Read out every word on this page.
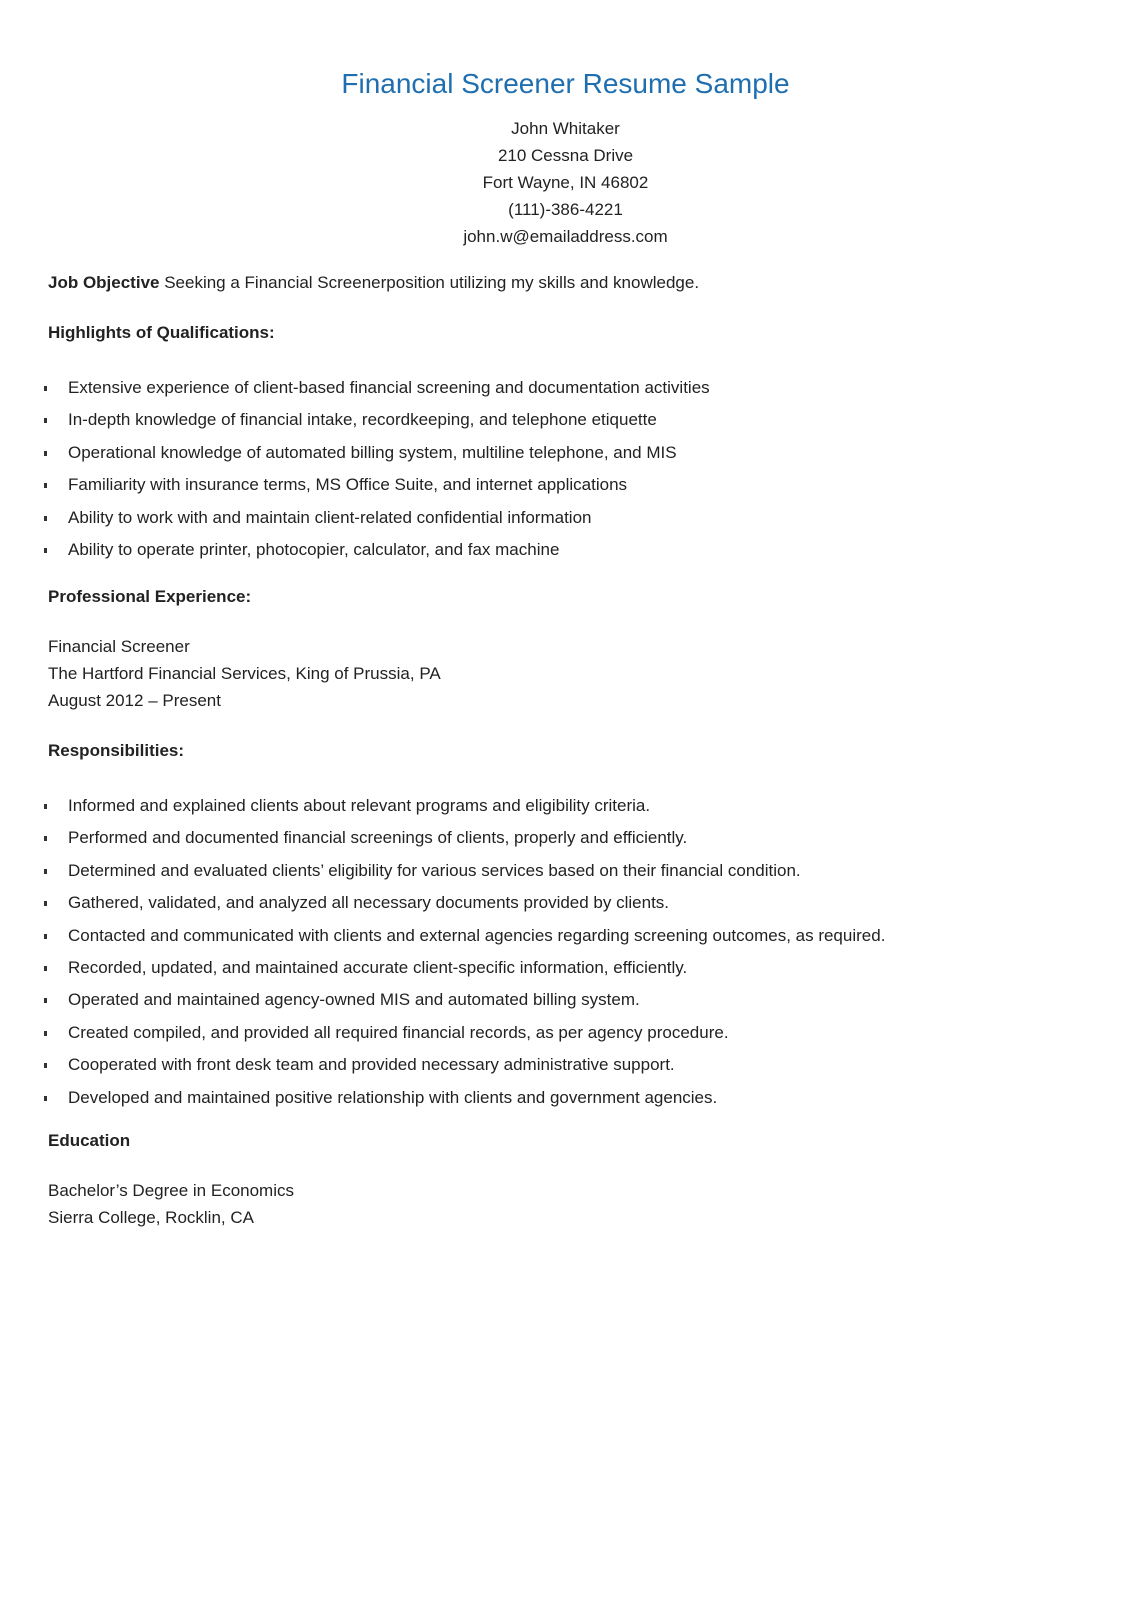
Financial Screener Resume Sample
John Whitaker
210 Cessna Drive
Fort Wayne, IN 46802
(111)-386-4221
john.w@emailaddress.com
Job Objective Seeking a Financial Screenerposition utilizing my skills and knowledge.
Highlights of Qualifications:
Extensive experience of client-based financial screening and documentation activities
In-depth knowledge of financial intake, recordkeeping, and telephone etiquette
Operational knowledge of automated billing system, multiline telephone, and MIS
Familiarity with insurance terms, MS Office Suite, and internet applications
Ability to work with and maintain client-related confidential information
Ability to operate printer, photocopier, calculator, and fax machine
Professional Experience:
Financial Screener
The Hartford Financial Services, King of Prussia, PA
August 2012 – Present
Responsibilities:
Informed and explained clients about relevant programs and eligibility criteria.
Performed and documented financial screenings of clients, properly and efficiently.
Determined and evaluated clients’ eligibility for various services based on their financial condition.
Gathered, validated, and analyzed all necessary documents provided by clients.
Contacted and communicated with clients and external agencies regarding screening outcomes, as required.
Recorded, updated, and maintained accurate client-specific information, efficiently.
Operated and maintained agency-owned MIS and automated billing system.
Created compiled, and provided all required financial records, as per agency procedure.
Cooperated with front desk team and provided necessary administrative support.
Developed and maintained positive relationship with clients and government agencies.
Education
Bachelor’s Degree in Economics
Sierra College, Rocklin, CA
